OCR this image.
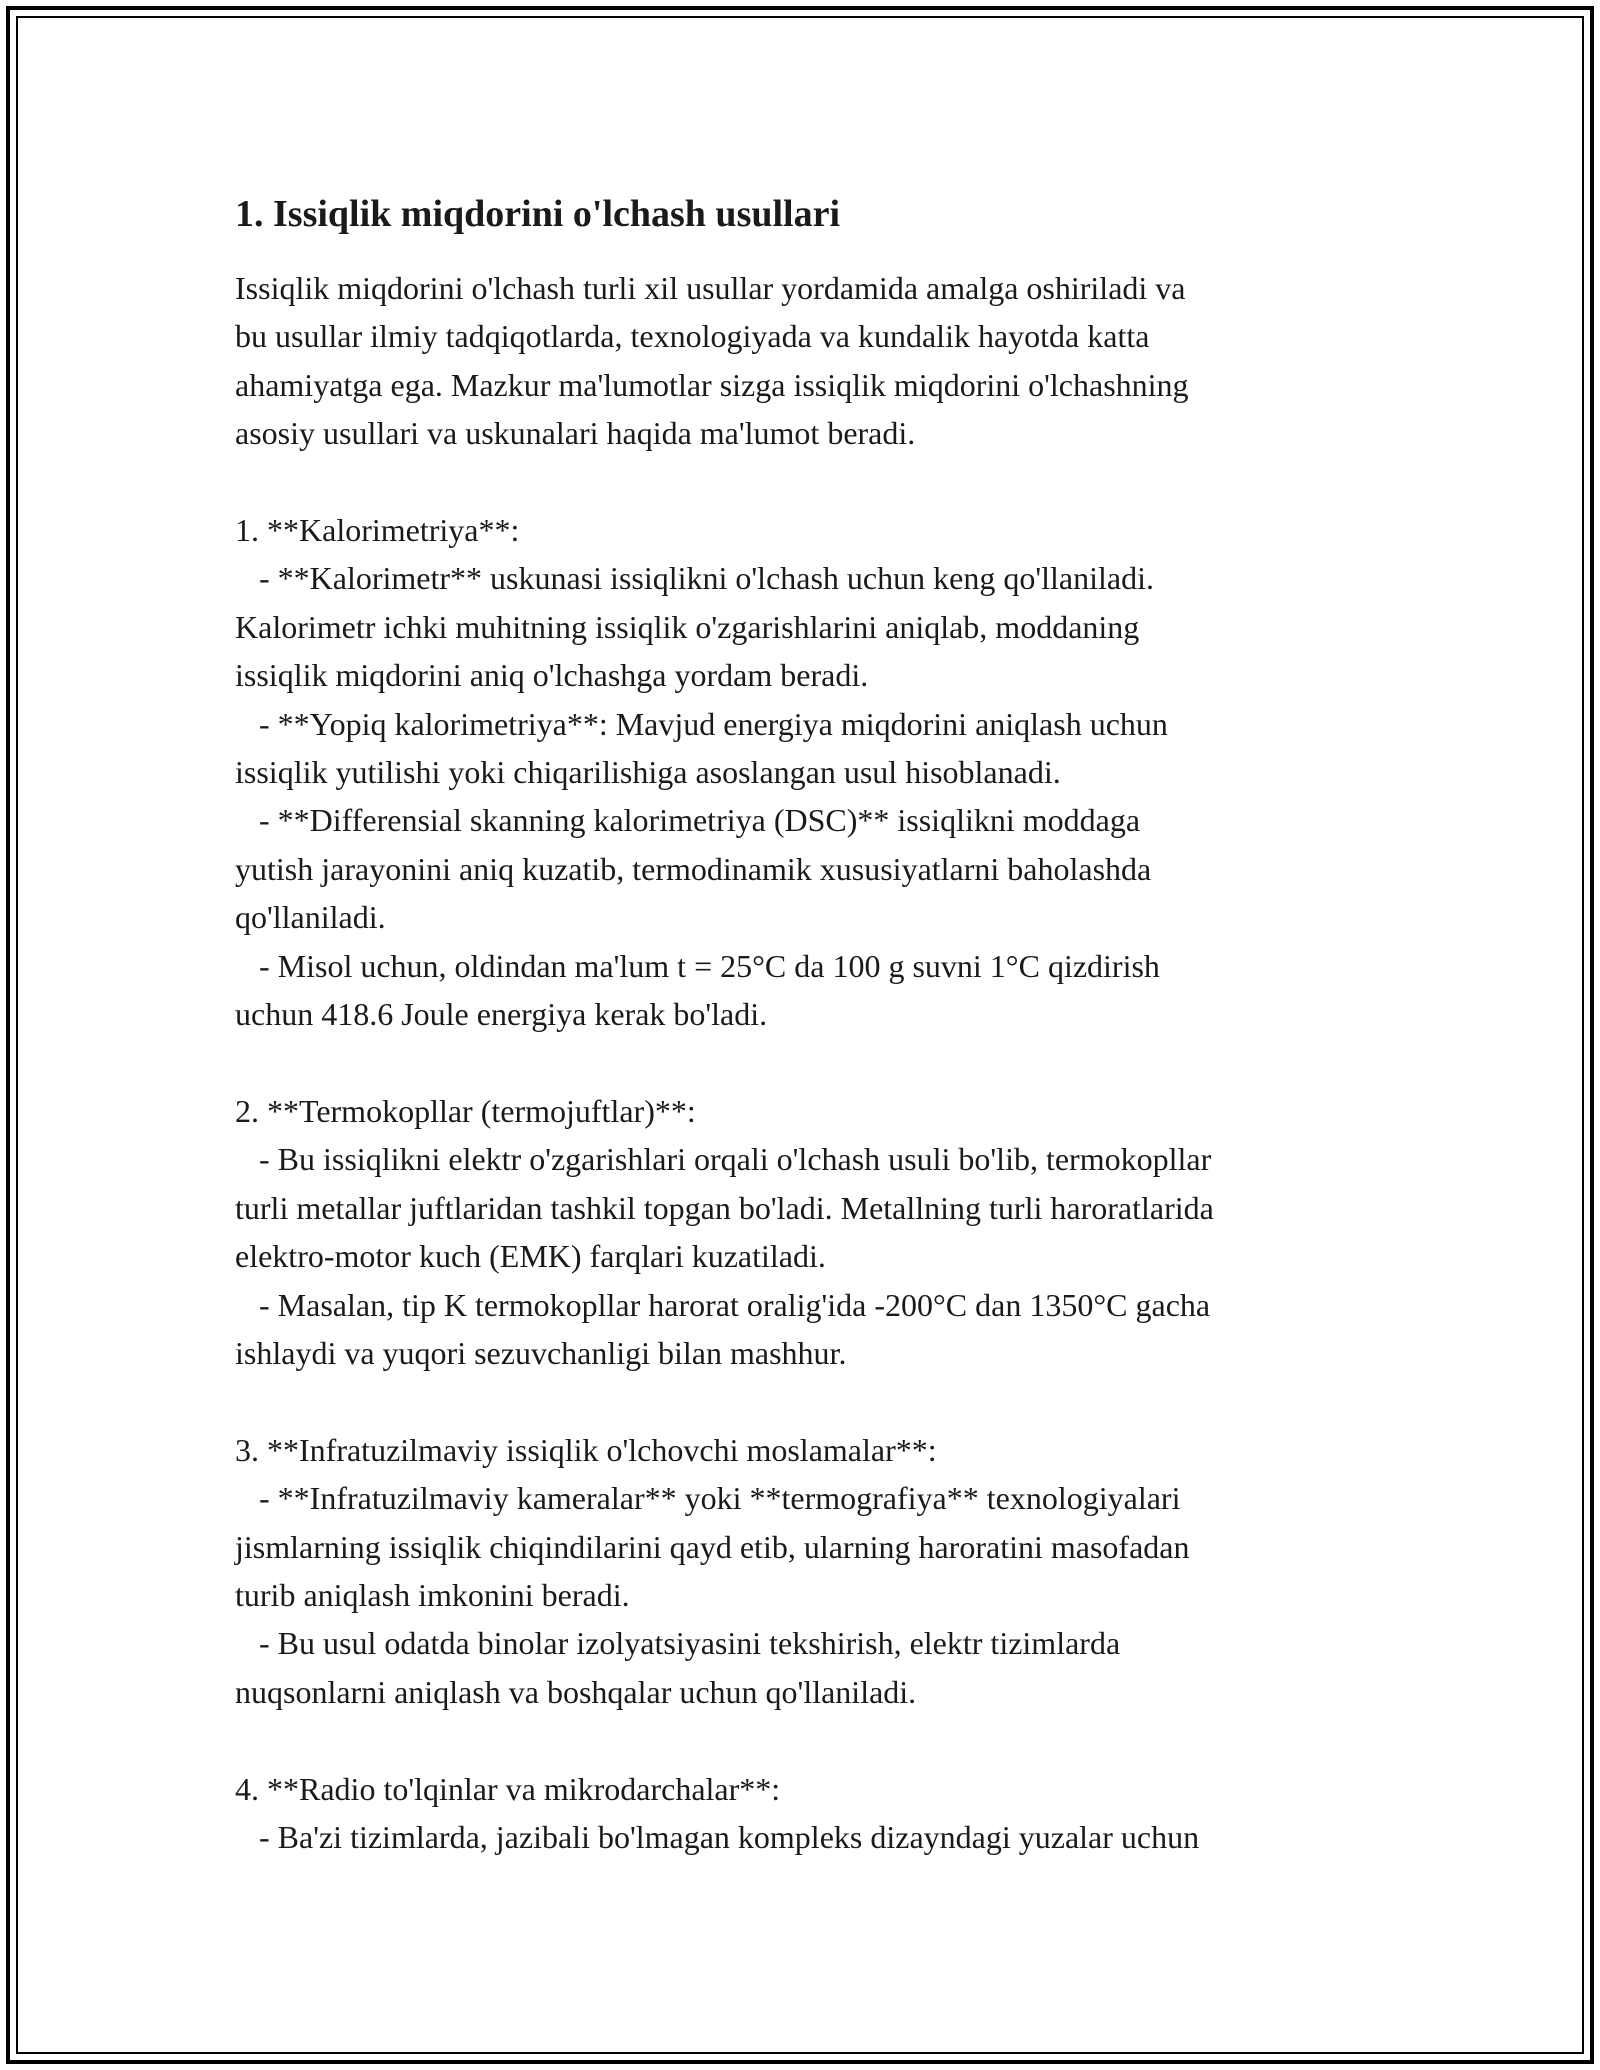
1. Issiqlik miqdorini o'lchash usullari

Issiqlik miqdorini o'lchash turli xil usullar yordamida amalga oshiriladi va
bu usullar ilmiy tadqiqotlarda, texnologiyada va kundalik hayotda katta
ahamiyatga ega. Mazkur ma'lumotlar sizga issiqlik miqdorini o'lchashning
asosiy usullari va uskunalari haqida ma'lumot beradi.

1. **Kalorimetriya**:

- **Kalorimetr** uskunasi issiqlikni o'lchash uchun keng qo'llaniladi.
Kalorimetr ichki muhitning issiqlik o'zgarishlarini aniqlab, moddaning
issiqlik miqdorini aniq o'lchashga yordam beradi.
- **Yopiq kalorimetriya**: Mavjud energiya miqdorini aniqlash uchun
issiqlik yutilishi yoki chiqarilishiga asoslangan usul hisoblanadi.
- **Differensial skanning kalorimetriya (DSC)** issiqlikni moddaga
yutish jarayonini aniq kuzatib, termodinamik xususiyatlarni baholashda
qo'llaniladi.
- Misol uchun, oldindan ma'lum t = 25°C da 100 g suvni 1°C qizdirish
uchun 418.6 Joule energiya kerak bo'ladi.

2. **Termokopllar (termojuftlar)**:

- Bu issiqlikni elektr o'zgarishlari orqali o'lchash usuli bo'lib, termokopllar
turli metallar juftlaridan tashkil topgan bo'ladi. Metallning turli haroratlarida
elektro-motor kuch (EMK) farqlari kuzatiladi.
- Masalan, tip K termokopllar harorat oralig'ida -200°C dan 1350°C gacha
ishlaydi va yuqori sezuvchanligi bilan mashhur.

3. **Infratuzilmaviy issiqlik o'lchovchi moslamalar**:

- **Infratuzilmaviy kameralar** yoki **termografiya** texnologiyalari
jismlarning issiqlik chiqindilarini qayd etib, ularning haroratini masofadan
turib aniqlash imkonini beradi.
- Bu usul odatda binolar izolyatsiyasini tekshirish, elektr tizimlarda
nuqsonlarni aniqlash va boshqalar uchun qo'llaniladi.

4. **Radio to'lqinlar va mikrodarchalar**:

- Ba'zi tizimlarda, jazibali bo'lmagan kompleks dizayndagi yuzalar uchun
